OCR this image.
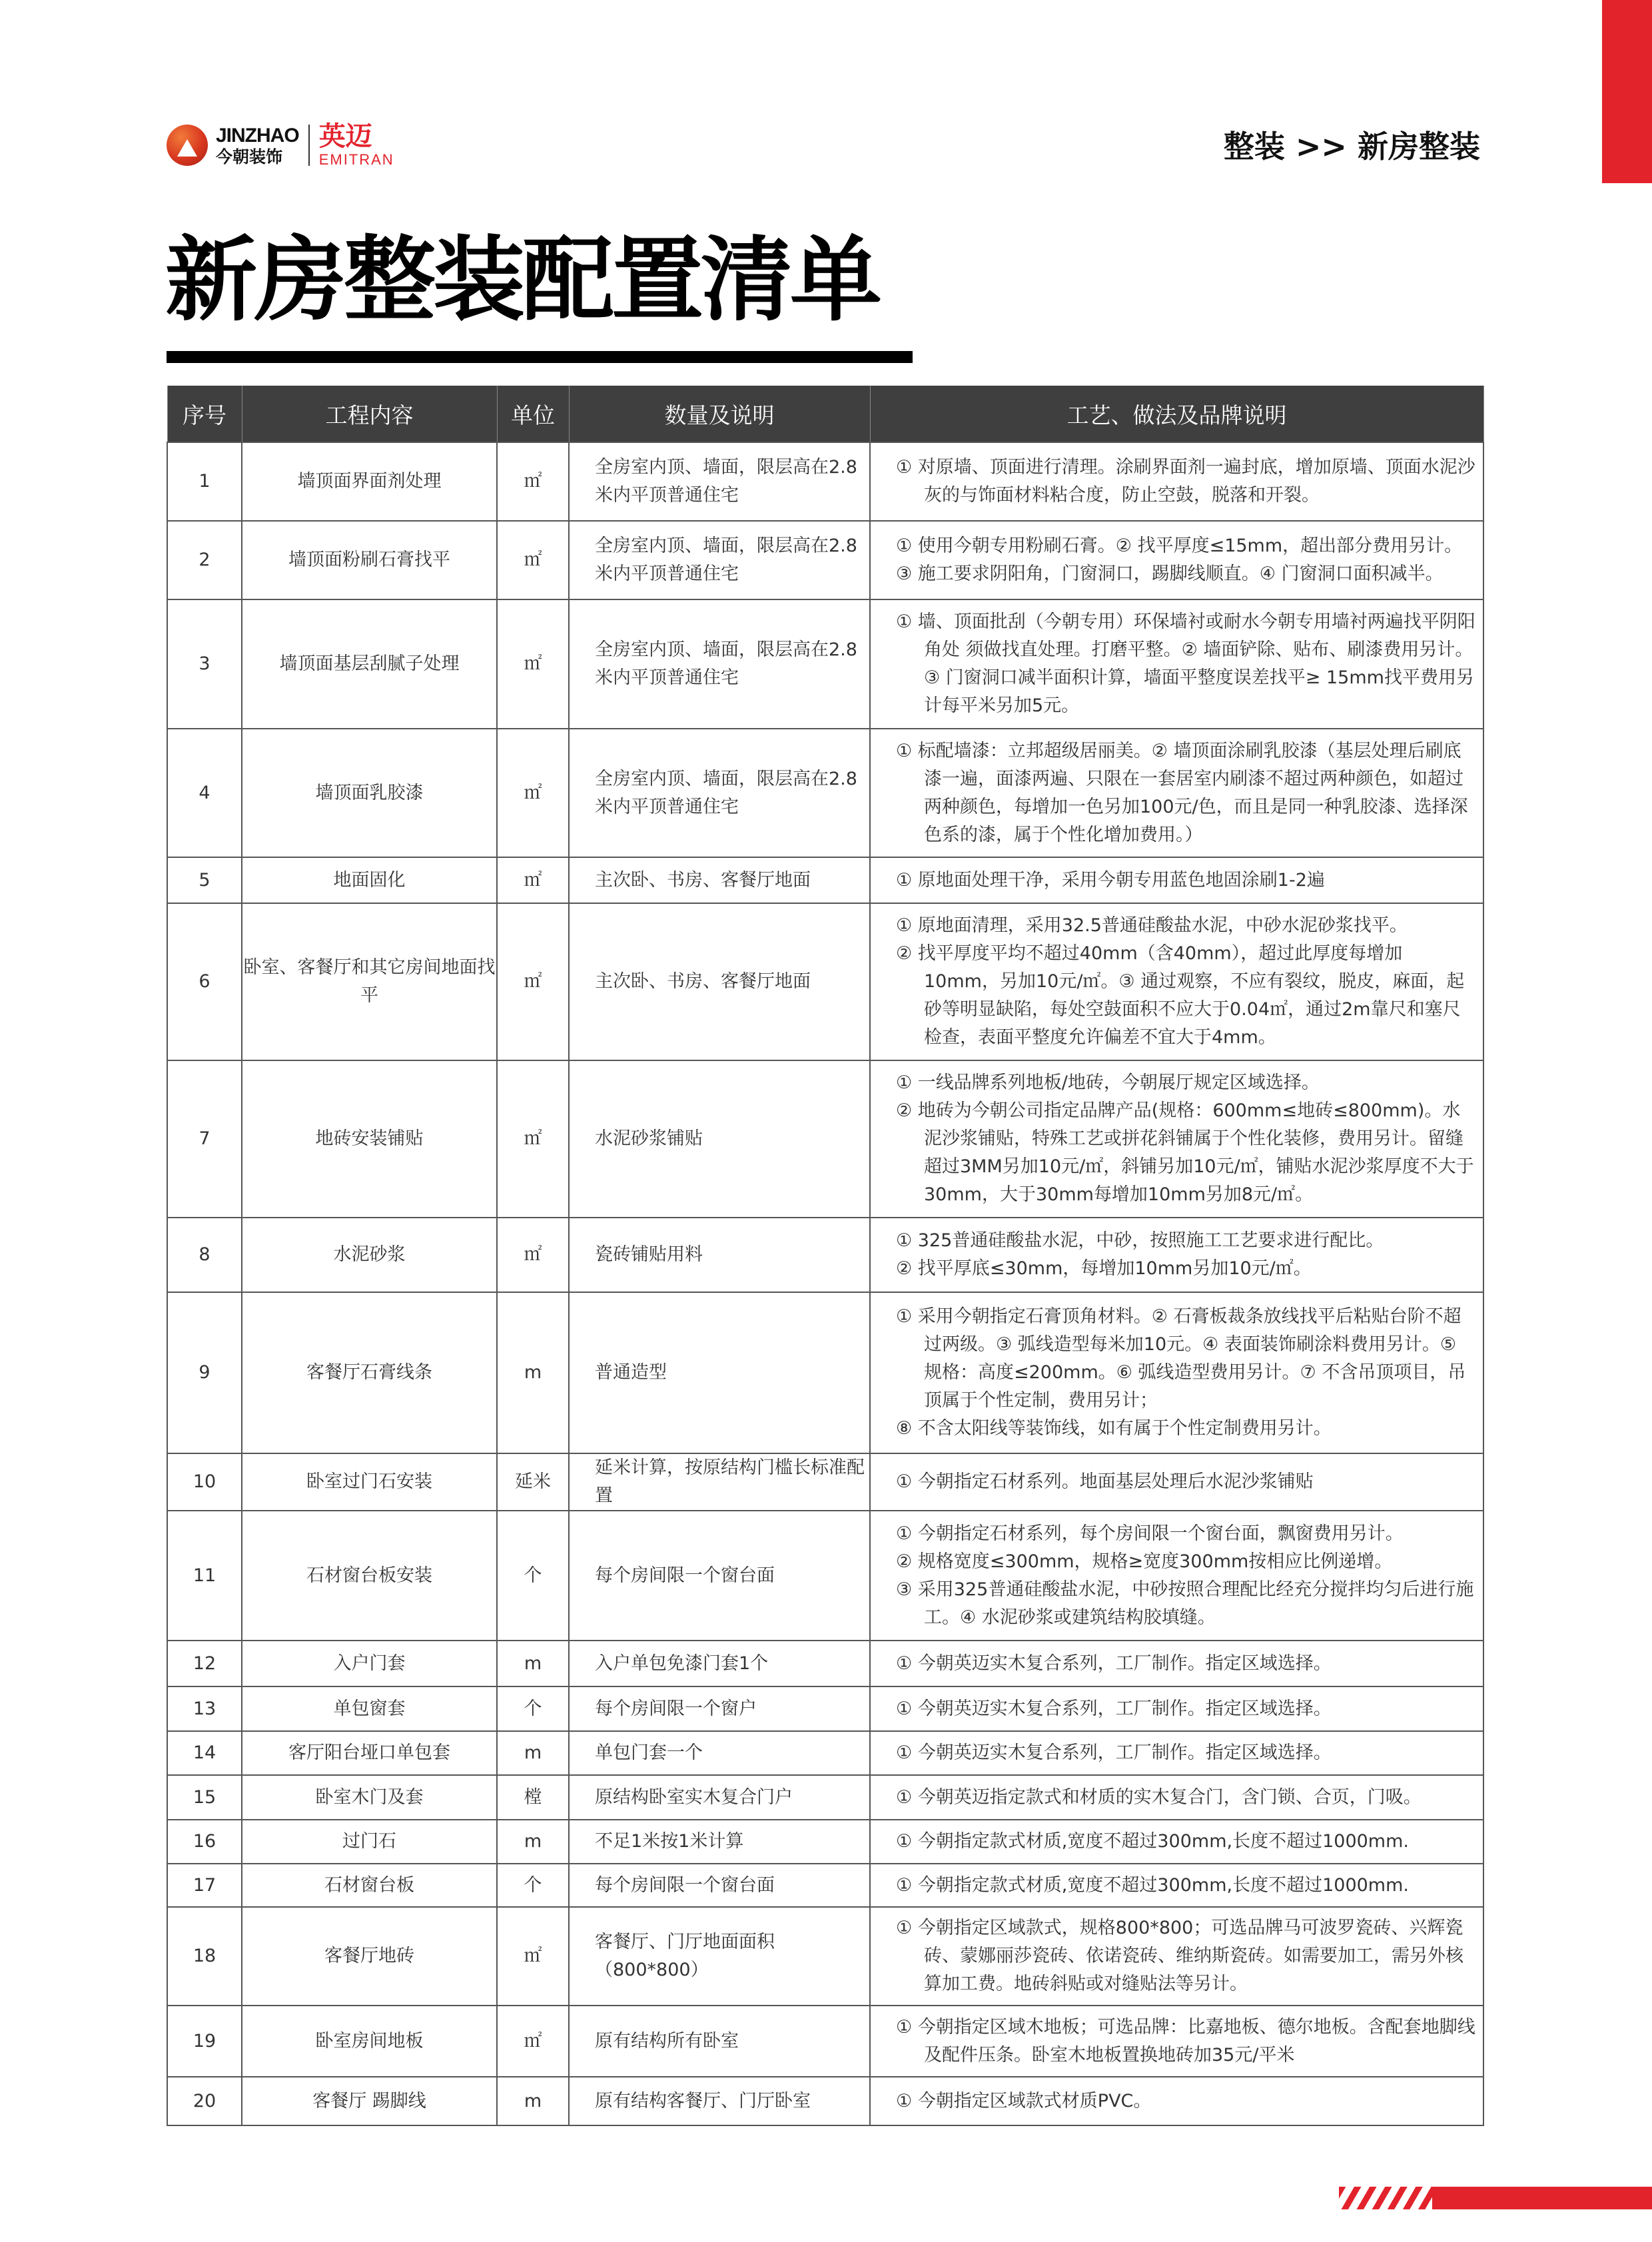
JINZHAO
今朝装饰
英迈
EMITRAN	整装 >> 新房整装
新房整装配置清单
序号	工程内容	单位	数量及说明	工艺、做法及品牌说明
1	墙顶面界面剂处理	㎡	全房室内顶、墙面，限层高在2.8米内平顶普通住宅	① 对原墙、顶面进行清理。涂刷界面剂一遍封底，增加原墙、顶面水泥沙灰的与饰面材料粘合度，防止空鼓，脱落和开裂。

2	墙顶面粉刷石膏找平	㎡	全房室内顶、墙面，限层高在2.8米内平顶普通住宅	① 使用今朝专用粉刷石膏。② 找平厚度≤15mm，超出部分费用另计。
③ 施工要求阴阳角，门窗洞口，踢脚线顺直。④ 门窗洞口面积减半。

3	墙顶面基层刮腻子处理	㎡	全房室内顶、墙面，限层高在2.8米内平顶普通住宅	① 墙、顶面批刮（今朝专用）环保墙衬或耐水今朝专用墙衬两遍找平阴阳角处 须做找直处理。打磨平整。② 墙面铲除、贴布、刷漆费用另计。③ 门窗洞口减半面积计算，墙面平整度误差找平≥ 15mm找平费用另计每平米另加5元。

4	墙顶面乳胶漆	㎡	全房室内顶、墙面，限层高在2.8米内平顶普通住宅	① 标配墙漆：立邦超级居丽美。② 墙顶面涂刷乳胶漆（基层处理后刷底漆一遍，面漆两遍、只限在一套居室内刷漆不超过两种颜色，如超过两种颜色，每增加一色另加100元/色，而且是同一种乳胶漆、选择深色系的漆，属于个性化增加费用。）

5	地面固化	㎡	主次卧、书房、客餐厅地面	① 原地面处理干净，采用今朝专用蓝色地固涂刷1-2遍

6	卧室、客餐厅和其它房间地面找平	㎡	主次卧、书房、客餐厅地面	① 原地面清理，采用32.5普通硅酸盐水泥，中砂水泥砂浆找平。
② 找平厚度平均不超过40mm（含40mm），超过此厚度每增加10mm，另加10元/㎡。③ 通过观察，不应有裂纹，脱皮，麻面，起砂等明显缺陷，每处空鼓面积不应大于0.04㎡，通过2m靠尺和塞尺检查，表面平整度允许偏差不宜大于4mm。

7	地砖安装铺贴	㎡	水泥砂浆铺贴	① 一线品牌系列地板/地砖，今朝展厅规定区域选择。
② 地砖为今朝公司指定品牌产品(规格：600mm≤地砖≤800mm)。水泥沙浆铺贴，特殊工艺或拼花斜铺属于个性化装修，费用另计。留缝超过3MM另加10元/㎡，斜铺另加10元/㎡，铺贴水泥沙浆厚度不大于30mm，大于30mm每增加10mm另加8元/㎡。

8	水泥砂浆	㎡	瓷砖铺贴用料	① 325普通硅酸盐水泥，中砂，按照施工工艺要求进行配比。
② 找平厚底≤30mm，每增加10mm另加10元/㎡。

9	客餐厅石膏线条	m	普通造型	① 采用今朝指定石膏顶角材料。② 石膏板裁条放线找平后粘贴台阶不超过两级。③ 弧线造型每米加10元。④ 表面装饰刷涂料费用另计。⑤ 规格：高度≤200mm。⑥ 弧线造型费用另计。⑦ 不含吊顶项目，吊顶属于个性定制，费用另计；
⑧ 不含太阳线等装饰线，如有属于个性定制费用另计。

10	卧室过门石安装	延米	延米计算，按原结构门槛长标准配置	① 今朝指定石材系列。地面基层处理后水泥沙浆铺贴

11	石材窗台板安装	个	每个房间限一个窗台面	① 今朝指定石材系列，每个房间限一个窗台面，飘窗费用另计。
② 规格宽度≤300mm，规格≥宽度300mm按相应比例递增。
③ 采用325普通硅酸盐水泥，中砂按照合理配比经充分搅拌均匀后进行施工。④ 水泥砂浆或建筑结构胶填缝。

12	入户门套	m	入户单包免漆门套1个	① 今朝英迈实木复合系列，工厂制作。指定区域选择。

13	单包窗套	个	每个房间限一个窗户	① 今朝英迈实木复合系列，工厂制作。指定区域选择。

14	客厅阳台垭口单包套	m	单包门套一个	① 今朝英迈实木复合系列，工厂制作。指定区域选择。

15	卧室木门及套	樘	原结构卧室实木复合门户	① 今朝英迈指定款式和材质的实木复合门，含门锁、合页，门吸。

16	过门石	m	不足1米按1米计算	① 今朝指定款式材质,宽度不超过300mm,长度不超过1000mm.

17	石材窗台板	个	每个房间限一个窗台面	① 今朝指定款式材质,宽度不超过300mm,长度不超过1000mm.

18	客餐厅地砖	㎡	客餐厅、门厅地面面积（800*800）	① 今朝指定区域款式，规格800*800；可选品牌马可波罗瓷砖、兴辉瓷砖、蒙娜丽莎瓷砖、依诺瓷砖、维纳斯瓷砖。如需要加工，需另外核算加工费。地砖斜贴或对缝贴法等另计。

19	卧室房间地板	㎡	原有结构所有卧室	① 今朝指定区域木地板；可选品牌：比嘉地板、德尔地板。含配套地脚线及配件压条。卧室木地板置换地砖加35元/平米

20	客餐厅 踢脚线	m	原有结构客餐厅、门厅卧室	① 今朝指定区域款式材质PVC。
